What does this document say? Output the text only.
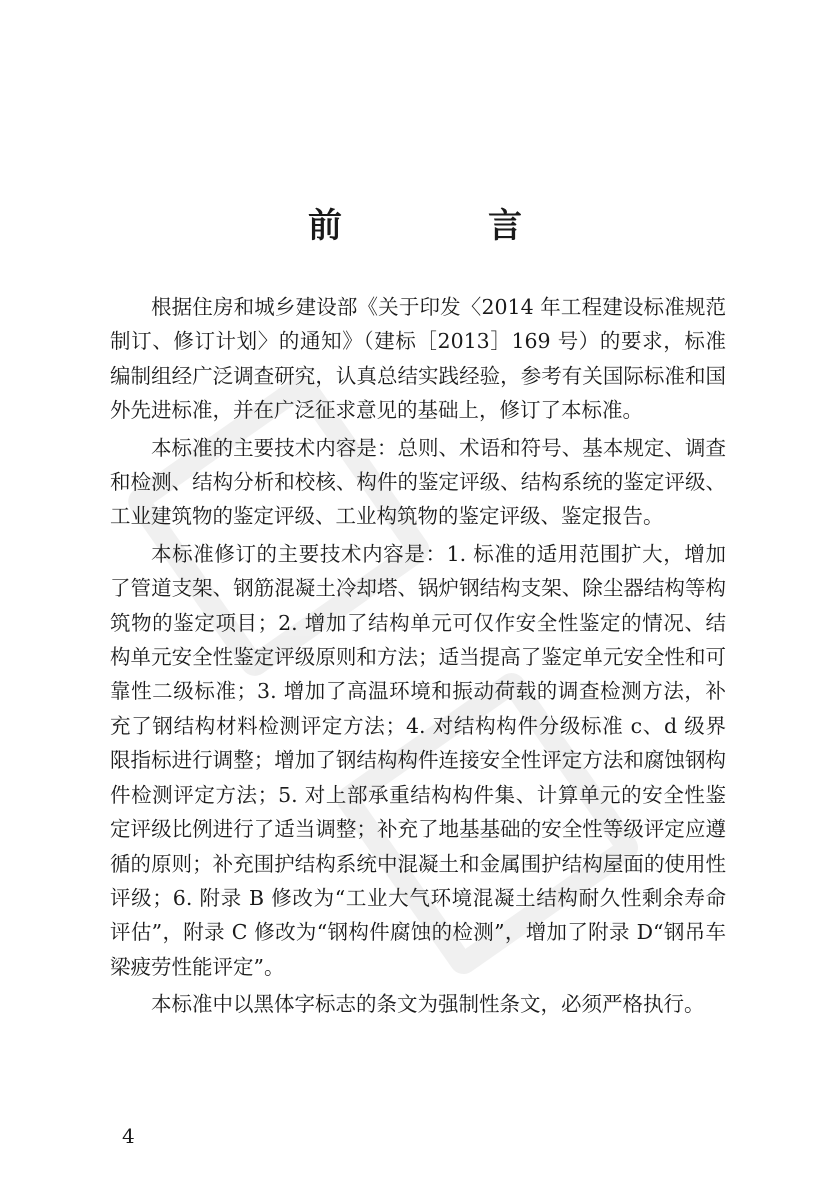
前　言

根据住房和城乡建设部《关于印发〈2014 年工程建设标准规范制订、修订计划〉的通知》（建标［2013］169 号）的要求，标准编制组经广泛调查研究，认真总结实践经验，参考有关国际标准和国外先进标准，并在广泛征求意见的基础上，修订了本标准。

本标准的主要技术内容是：总则、术语和符号、基本规定、调查和检测、结构分析和校核、构件的鉴定评级、结构系统的鉴定评级、工业建筑物的鉴定评级、工业构筑物的鉴定评级、鉴定报告。

本标准修订的主要技术内容是：1. 标准的适用范围扩大，增加了管道支架、钢筋混凝土冷却塔、锅炉钢结构支架、除尘器结构等构筑物的鉴定项目；2. 增加了结构单元可仅作安全性鉴定的情况、结构单元安全性鉴定评级原则和方法；适当提高了鉴定单元安全性和可靠性二级标准；3. 增加了高温环境和振动荷载的调查检测方法，补充了钢结构材料检测评定方法；4. 对结构构件分级标准 c、d 级界限指标进行调整；增加了钢结构构件连接安全性评定方法和腐蚀钢构件检测评定方法；5. 对上部承重结构构件集、计算单元的安全性鉴定评级比例进行了适当调整；补充了地基基础的安全性等级评定应遵循的原则；补充围护结构系统中混凝土和金属围护结构屋面的使用性评级；6. 附录 B 修改为“工业大气环境混凝土结构耐久性剩余寿命评估”，附录 C 修改为“钢构件腐蚀的检测”，增加了附录 D“钢吊车梁疲劳性能评定”。

本标准中以黑体字标志的条文为强制性条文，必须严格执行。

4
